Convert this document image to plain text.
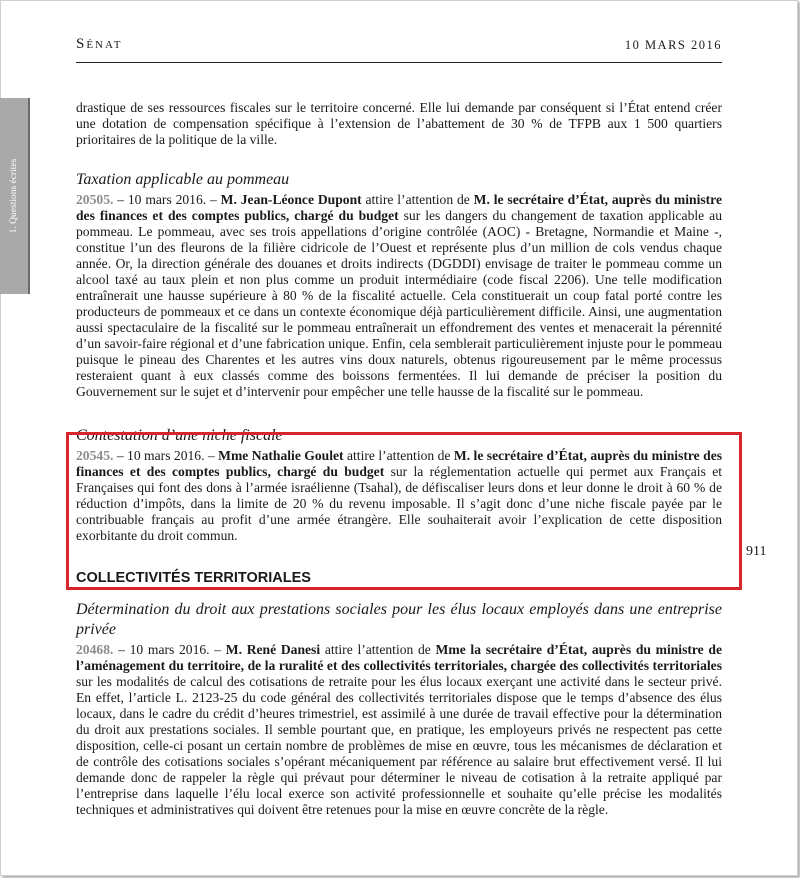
Sénat	10 MARS 2016
1. Questions écrites

drastique de ses ressources fiscales sur le territoire concerné. Elle lui demande par conséquent si l’État entend créer une dotation de compensation spécifique à l’extension de l’abattement de 30 % de TFPB aux 1 500 quartiers prioritaires de la politique de la ville.

Taxation applicable au pommeau

20505. – 10 mars 2016. – M. Jean-Léonce Dupont attire l’attention de M. le secrétaire d’État, auprès du ministre des finances et des comptes publics, chargé du budget sur les dangers du changement de taxation applicable au pommeau. Le pommeau, avec ses trois appellations d’origine contrôlée (AOC) - Bretagne, Normandie et Maine -, constitue l’un des fleurons de la filière cidricole de l’Ouest et représente plus d’un million de cols vendus chaque année. Or, la direction générale des douanes et droits indirects (DGDDI) envisage de traiter le pommeau comme un alcool taxé au taux plein et non plus comme un produit intermédiaire (code fiscal 2206). Une telle modification entraînerait une hausse supérieure à 80 % de la fiscalité actuelle. Cela constituerait un coup fatal porté contre les producteurs de pommeaux et ce dans un contexte économique déjà particulièrement difficile. Ainsi, une augmentation aussi spectaculaire de la fiscalité sur le pommeau entraînerait un effondrement des ventes et menacerait la pérennité d’un savoir-faire régional et d’une fabrication unique. Enfin, cela semblerait particulièrement injuste pour le pommeau puisque le pineau des Charentes et les autres vins doux naturels, obtenus rigoureusement par le même processus resteraient quant à eux classés comme des boissons fermentées. Il lui demande de préciser la position du Gouvernement sur le sujet et d’intervenir pour empêcher une telle hausse de la fiscalité sur le pommeau.

Contestation d’une niche fiscale

20545. – 10 mars 2016. – Mme Nathalie Goulet attire l’attention de M. le secrétaire d’État, auprès du ministre des finances et des comptes publics, chargé du budget sur la réglementation actuelle qui permet aux Français et Françaises qui font des dons à l’armée israélienne (Tsahal), de défiscaliser leurs dons et leur donne le droit à 60 % de réduction d’impôts, dans la limite de 20 % du revenu imposable. Il s’agit donc d’une niche fiscale payée par le contribuable français au profit d’une armée étrangère. Elle souhaiterait avoir l’explication de cette disposition exorbitante du droit commun.

COLLECTIVITÉS TERRITORIALES

Détermination du droit aux prestations sociales pour les élus locaux employés dans une entreprise privée

20468. – 10 mars 2016. – M. René Danesi attire l’attention de Mme la secrétaire d’État, auprès du ministre de l’aménagement du territoire, de la ruralité et des collectivités territoriales, chargée des collectivités territoriales sur les modalités de calcul des cotisations de retraite pour les élus locaux exerçant une activité dans le secteur privé. En effet, l’article L. 2123-25 du code général des collectivités territoriales dispose que le temps d’absence des élus locaux, dans le cadre du crédit d’heures trimestriel, est assimilé à une durée de travail effective pour la détermination du droit aux prestations sociales. Il semble pourtant que, en pratique, les employeurs privés ne respectent pas cette disposition, celle-ci posant un certain nombre de problèmes de mise en œuvre, tous les mécanismes de déclaration et de contrôle des cotisations sociales s’opérant mécaniquement par référence au salaire brut effectivement versé. Il lui demande donc de rappeler la règle qui prévaut pour déterminer le niveau de cotisation à la retraite appliqué par l’entreprise dans laquelle l’élu local exerce son activité professionnelle et souhaite qu’elle précise les modalités techniques et administratives qui doivent être retenues pour la mise en œuvre concrète de la règle.

911
